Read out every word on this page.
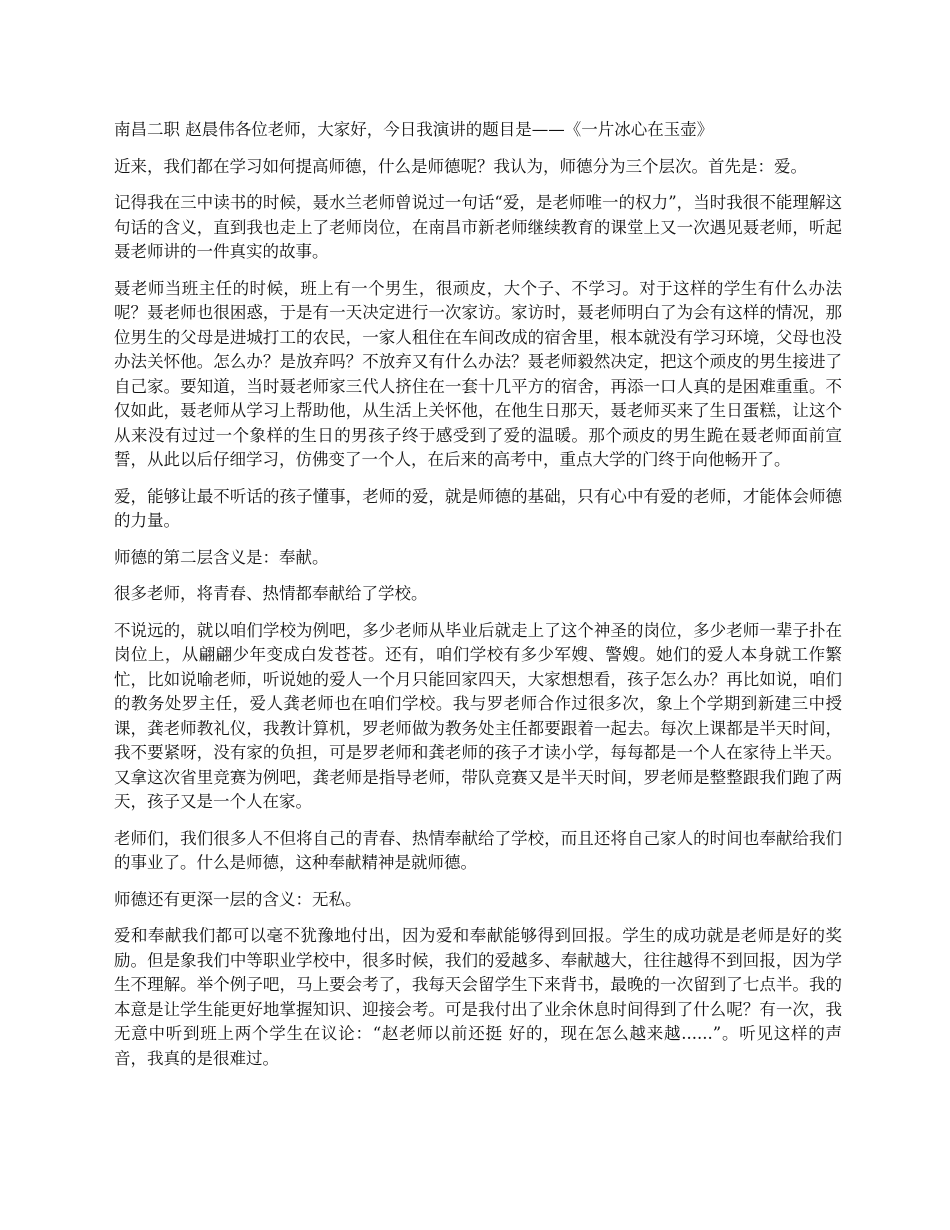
南昌二职 赵晨伟各位老师，大家好，今日我演讲的题目是——《一片冰心在玉壶》

近来，我们都在学习如何提高师德，什么是师德呢？我认为，师德分为三个层次。首先是：爱。

记得我在三中读书的时候，聂水兰老师曾说过一句话“爱，是老师唯一的权力”，当时我很不能理解这句话的含义，直到我也走上了老师岗位，在南昌市新老师继续教育的课堂上又一次遇见聂老师，听起聂老师讲的一件真实的故事。

聂老师当班主任的时候，班上有一个男生，很顽皮，大个子、不学习。对于这样的学生有什么办法呢？聂老师也很困惑，于是有一天决定进行一次家访。家访时，聂老师明白了为会有这样的情况，那位男生的父母是进城打工的农民，一家人租住在车间改成的宿舍里，根本就没有学习环境，父母也没办法关怀他。怎么办？是放弃吗？不放弃又有什么办法？聂老师毅然决定，把这个顽皮的男生接进了自己家。要知道，当时聂老师家三代人挤住在一套十几平方的宿舍，再添一口人真的是困难重重。不仅如此，聂老师从学习上帮助他，从生活上关怀他，在他生日那天，聂老师买来了生日蛋糕，让这个从来没有过过一个象样的生日的男孩子终于感受到了爱的温暖。那个顽皮的男生跪在聂老师面前宣誓，从此以后仔细学习，仿佛变了一个人，在后来的高考中，重点大学的门终于向他畅开了。

爱，能够让最不听话的孩子懂事，老师的爱，就是师德的基础，只有心中有爱的老师，才能体会师德的力量。

师德的第二层含义是：奉献。

很多老师，将青春、热情都奉献给了学校。

不说远的，就以咱们学校为例吧，多少老师从毕业后就走上了这个神圣的岗位，多少老师一辈子扑在岗位上，从翩翩少年变成白发苍苍。还有，咱们学校有多少军嫂、警嫂。她们的爱人本身就工作繁忙，比如说喻老师，听说她的爱人一个月只能回家四天，大家想想看，孩子怎么办？再比如说，咱们的教务处罗主任，爱人龚老师也在咱们学校。我与罗老师合作过很多次，象上个学期到新建三中授课，龚老师教礼仪，我教计算机，罗老师做为教务处主任都要跟着一起去。每次上课都是半天时间，我不要紧呀，没有家的负担，可是罗老师和龚老师的孩子才读小学，每每都是一个人在家待上半天。又拿这次省里竞赛为例吧，龚老师是指导老师，带队竞赛又是半天时间，罗老师是整整跟我们跑了两天，孩子又是一个人在家。

老师们，我们很多人不但将自己的青春、热情奉献给了学校，而且还将自己家人的时间也奉献给我们的事业了。什么是师德，这种奉献精神是就师德。

师德还有更深一层的含义：无私。

爱和奉献我们都可以毫不犹豫地付出，因为爱和奉献能够得到回报。学生的成功就是老师是好的奖励。但是象我们中等职业学校中，很多时候，我们的爱越多、奉献越大，往往越得不到回报，因为学生不理解。举个例子吧，马上要会考了，我每天会留学生下来背书，最晚的一次留到了七点半。我的本意是让学生能更好地掌握知识、迎接会考。可是我付出了业余休息时间得到了什么呢？有一次，我无意中听到班上两个学生在议论：“赵老师以前还挺 好的，现在怎么越来越......”。听见这样的声音，我真的是很难过。
